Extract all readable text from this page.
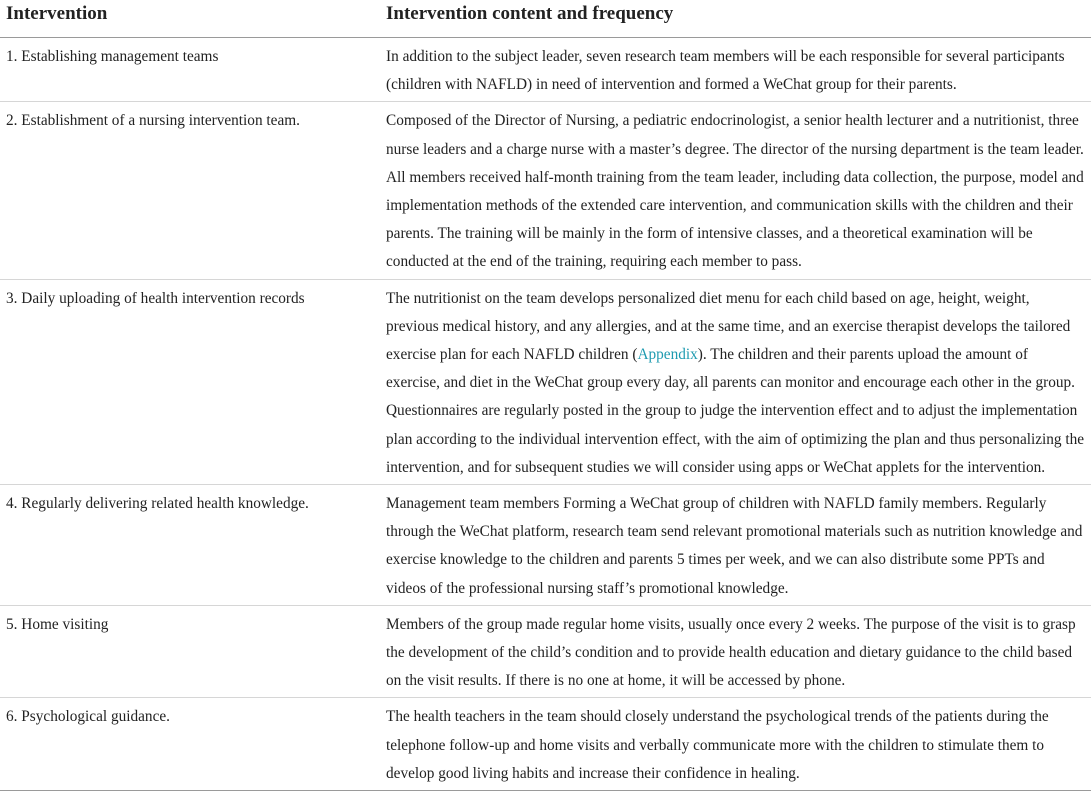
Intervention	Intervention content and frequency
1. Establishing management teams	In addition to the subject leader, seven research team members will be each responsible for several participants (children with NAFLD) in need of intervention and formed a WeChat group for their parents.
2. Establishment of a nursing intervention team.	Composed of the Director of Nursing, a pediatric endocrinologist, a senior health lecturer and a nutritionist, three nurse leaders and a charge nurse with a master’s degree. The director of the nursing department is the team leader. All members received half-month training from the team leader, including data collection, the purpose, model and implementation methods of the extended care intervention, and communication skills with the children and their parents. The training will be mainly in the form of intensive classes, and a theoretical examination will be conducted at the end of the training, requiring each member to pass.
3. Daily uploading of health intervention records	The nutritionist on the team develops personalized diet menu for each child based on age, height, weight, previous medical history, and any allergies, and at the same time, and an exercise therapist develops the tailored exercise plan for each NAFLD children (Appendix). The children and their parents upload the amount of exercise, and diet in the WeChat group every day, all parents can monitor and encourage each other in the group. Questionnaires are regularly posted in the group to judge the intervention effect and to adjust the implementation plan according to the individual intervention effect, with the aim of optimizing the plan and thus personalizing the intervention, and for subsequent studies we will consider using apps or WeChat applets for the intervention.
4. Regularly delivering related health knowledge.	Management team members Forming a WeChat group of children with NAFLD family members. Regularly through the WeChat platform, research team send relevant promotional materials such as nutrition knowledge and exercise knowledge to the children and parents 5 times per week, and we can also distribute some PPTs and videos of the professional nursing staff’s promotional knowledge.
5. Home visiting	Members of the group made regular home visits, usually once every 2 weeks. The purpose of the visit is to grasp the development of the child’s condition and to provide health education and dietary guidance to the child based on the visit results. If there is no one at home, it will be accessed by phone.
6. Psychological guidance.	The health teachers in the team should closely understand the psychological trends of the patients during the telephone follow-up and home visits and verbally communicate more with the children to stimulate them to develop good living habits and increase their confidence in healing.
